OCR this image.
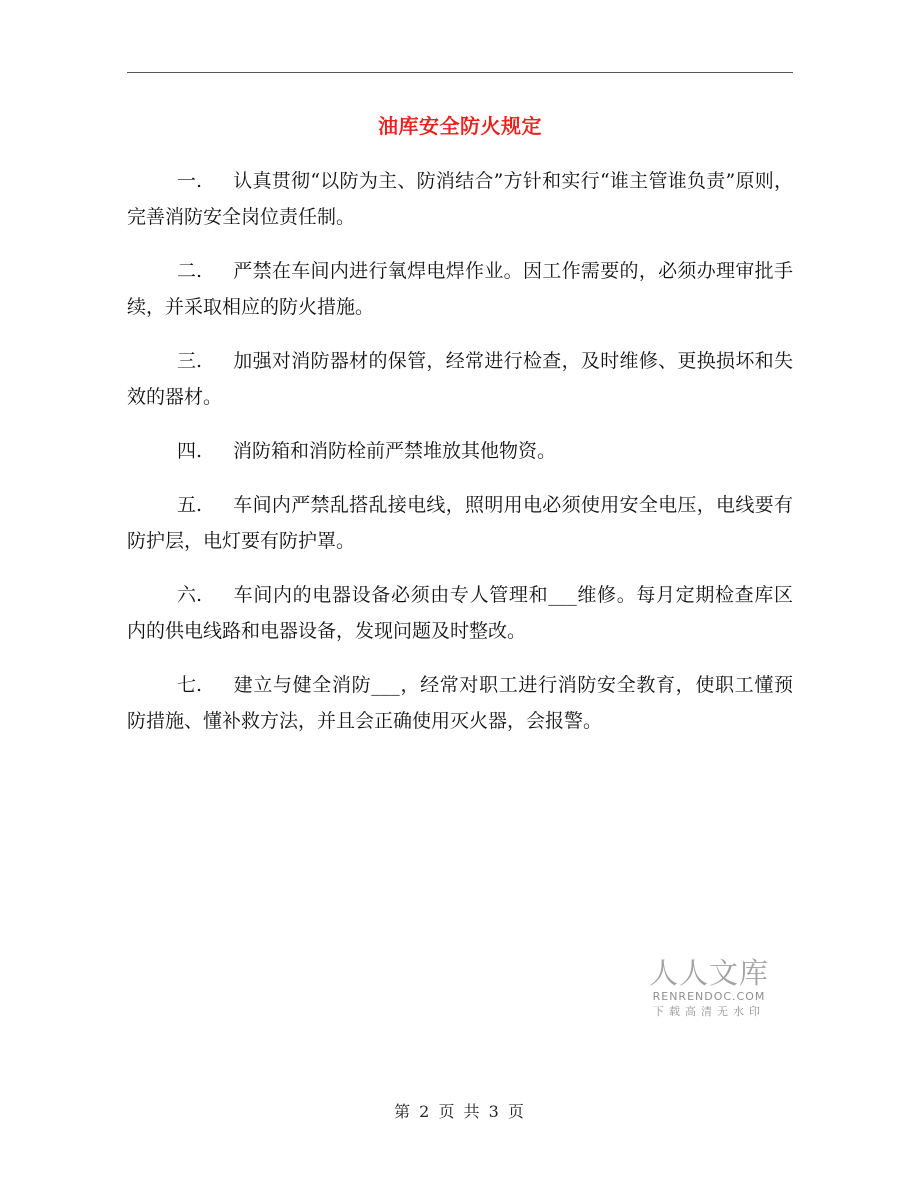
油库安全防火规定

一. 认真贯彻“以防为主、防消结合”方针和实行“谁主管谁负责”原则，完善消防安全岗位责任制。

二. 严禁在车间内进行氧焊电焊作业。因工作需要的，必须办理审批手续，并采取相应的防火措施。

三. 加强对消防器材的保管，经常进行检查，及时维修、更换损坏和失效的器材。

四. 消防箱和消防栓前严禁堆放其他物资。

五. 车间内严禁乱搭乱接电线，照明用电必须使用安全电压，电线要有防护层，电灯要有防护罩。

六. 车间内的电器设备必须由专人管理和___维修。每月定期检查库区内的供电线路和电器设备，发现问题及时整改。

七. 建立与健全消防___，经常对职工进行消防安全教育，使职工懂预防措施、懂补救方法，并且会正确使用灭火器，会报警。

人人文库
RENRENDOC.COM
下载高清无水印
第 2 页 共 3 页
